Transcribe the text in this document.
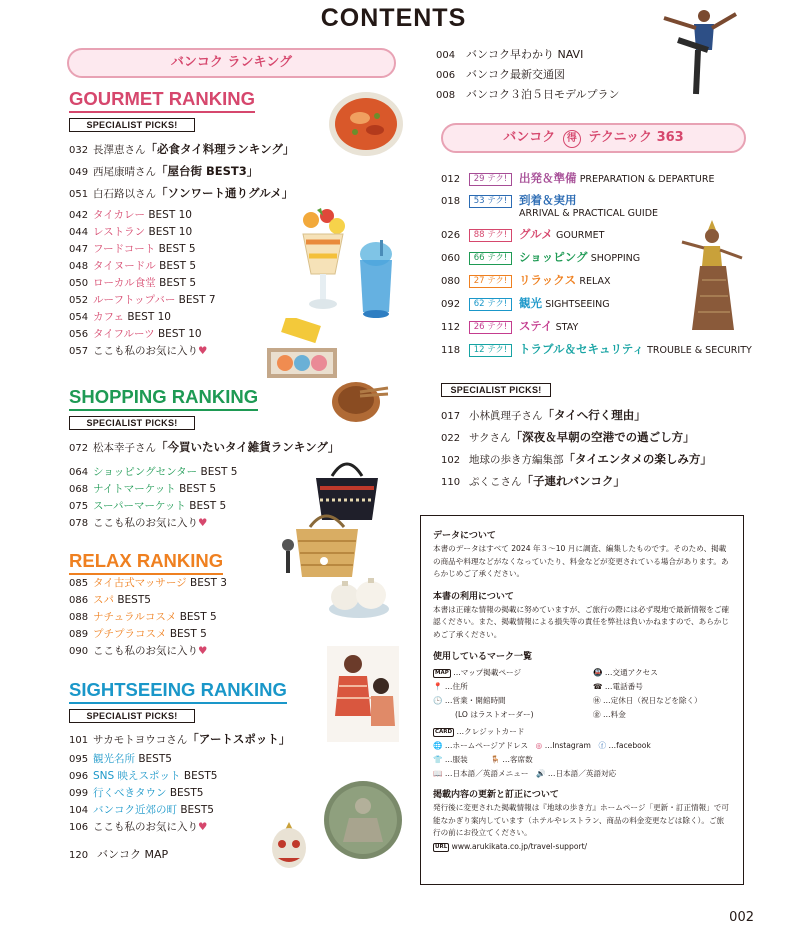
CONTENTS
バンコク ランキング
GOURMET RANKING
SPECIALIST PICKS!
032 長澤恵さん「必食タイ料理ランキング」
049 西尾康晴さん「屋台街 BEST3」
051 白石路以さん「ソンワート通りグルメ」
042 タイカレー BEST 10
044 レストラン BEST 10
047 フードコート BEST 5
048 タイヌードル BEST 5
050 ローカル食堂 BEST 5
052 ルーフトップバー BEST 7
054 カフェ BEST 10
056 タイフルーツ BEST 10
057 ここも私のお気に入り♥
SHOPPING RANKING
SPECIALIST PICKS!
072 松本幸子さん「今買いたいタイ雑貨ランキング」
064 ショッピングセンター BEST 5
068 ナイトマーケット BEST 5
075 スーパーマーケット BEST 5
078 ここも私のお気に入り♥
RELAX RANKING
085 タイ古式マッサージ BEST 3
086 スパ BEST5
088 ナチュラルコスメ BEST 5
089 プチプラコスメ BEST 5
090 ここも私のお気に入り♥
SIGHTSEEING RANKING
SPECIALIST PICKS!
101 サカモトヨウコさん「アートスポット」
095 観光名所 BEST5
096 SNS 映えスポット BEST5
099 行くべきタウン BEST5
104 バンコク近郊の町 BEST5
106 ここも私のお気に入り♥
120 バンコク MAP
004 バンコク早わかり NAVI
006 バンコク最新交通図
008 バンコク３泊５日モデルプラン
バンコク 得 テクニック 363
012 29 テク! 出発＆準備 PREPARATION & DEPARTURE
018 53 テク! 到着＆実用
ARRIVAL & PRACTICAL GUIDE
026 88 テク! グルメ GOURMET
060 66 テク! ショッピング SHOPPING
080 27 テク! リラックス RELAX
092 62 テク! 観光 SIGHTSEEING
112 26 テク! ステイ STAY
118 12 テク! トラブル＆セキュリティ TROUBLE & SECURITY
SPECIALIST PICKS!
017 小林眞理子さん「タイへ行く理由」
022 サクさん「深夜＆早朝の空港での過ごし方」
102 地球の歩き方編集部「タイエンタメの楽しみ方」
110 ぷくこさん「子連れバンコク」
データについて

本書のデータはすべて 2024 年３～10 月に調査、編集したものです。そのため、掲載の商品や料理などがなくなっていたり、料金などが変更されている場合があります。あらかじめご了承ください。

本書の利用について

本書は正確な情報の掲載に努めていますが、ご旅行の際には必ず現地で最新情報をご確認ください。また、掲載情報による損失等の責任を弊社は負いかねますので、あらかじめご了承ください。

使用しているマーク一覧
MAP …マップ掲載ページ
📍 …住所
🕒 …営業・開館時間
(LO はラストオーダー)
🚇 …交通アクセス
☎ …電話番号
㊡ …定休日（祝日などを除く）
㊎ …料金
CARD …クレジットカード
🌐 …ホームページアドレス　 ◎ …Instagram　 ⓕ …facebook
👕 …服装　　　	🪑 …客席数
📖 …日本語／英語メニュー　 🔊 …日本語／英語対応
掲載内容の更新と訂正について

発行後に変更された掲載情報は『地球の歩き方』ホームページ「更新・訂正情報」で可能なかぎり案内しています（ホテルやレストラン、商品の料金変更などは除く）。ご旅行の前にお役立てください。

URL www.arukikata.co.jp/travel-support/
002
